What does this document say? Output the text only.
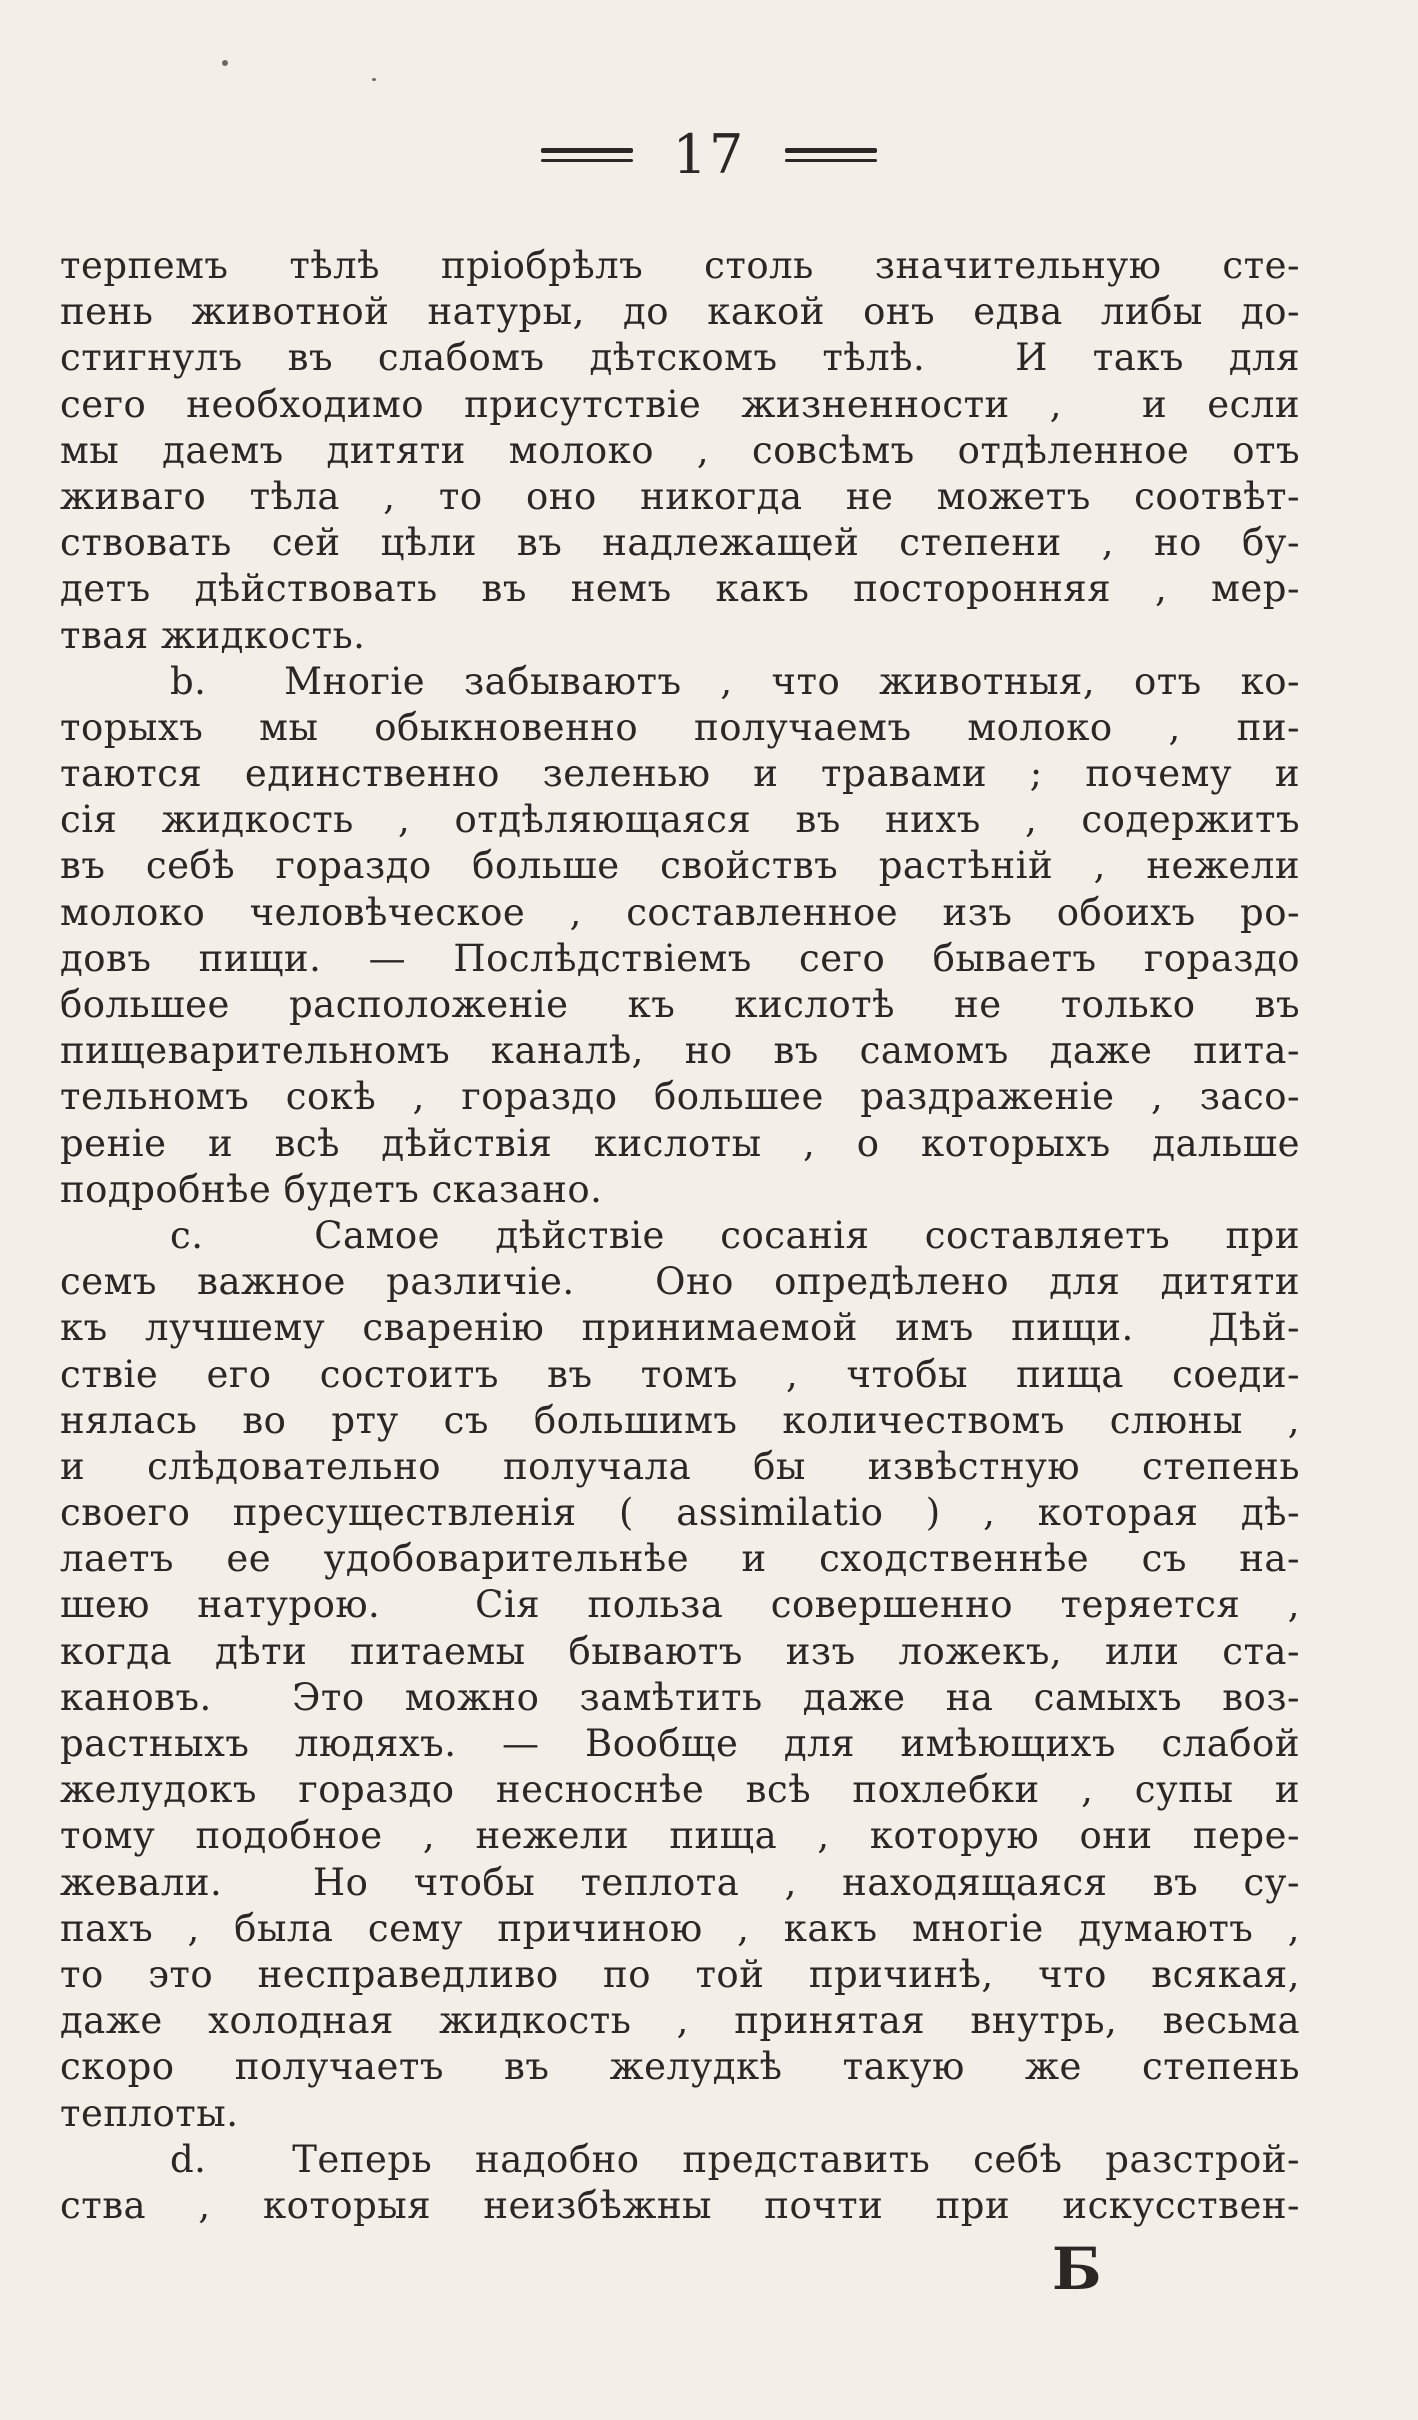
17
терпемъ тѣлѣ пріобрѣлъ столь значительную сте-
пень животной натуры, до какой онъ едва либы до-
стигнулъ въ слабомъ дѣтскомъ тѣлѣ.  И такъ для
сего необходимо присутствіе жизненности ,  и если
мы даемъ дитяти молоко , совсѣмъ отдѣленное отъ
живаго тѣла , то оно никогда не можетъ соотвѣт-
ствовать сей цѣли въ надлежащей степени , но бу-
детъ дѣйствовать въ немъ какъ посторонняя , мер-
твая жидкость.
b.  Многіе забываютъ , что животныя, отъ ко-
торыхъ мы обыкновенно получаемъ молоко , пи-
таются единственно зеленью и травами ; почему и
сія жидкость , отдѣляющаяся въ нихъ , содержитъ
въ себѣ гораздо больше свойствъ растѣній , нежели
молоко человѣческое , составленное изъ обоихъ ро-
довъ пищи. — Послѣдствіемъ сего бываетъ гораздо
большее расположеніе къ кислотѣ не только въ
пищеварительномъ каналѣ, но въ самомъ даже пита-
тельномъ сокѣ , гораздо большее раздраженіе , засо-
реніе и всѣ дѣйствія кислоты , о которыхъ дальше
подробнѣе будетъ сказано.
c.  Самое дѣйствіе сосанія составляетъ при
семъ важное различіе.  Оно опредѣлено для дитяти
къ лучшему сваренію принимаемой имъ пищи.  Дѣй-
ствіе его состоитъ въ томъ , чтобы пища соеди-
нялась во рту съ большимъ количествомъ слюны ,
и слѣдовательно получала бы извѣстную степень
своего пресуществленія ( assimilatio ) , которая дѣ-
лаетъ ее удобоварительнѣе и сходственнѣе съ на-
шею натурою.  Сія польза совершенно теряется ,
когда дѣти питаемы бываютъ изъ ложекъ, или ста-
кановъ.  Это можно замѣтить даже на самыхъ воз-
растныхъ людяхъ. — Вообще для имѣющихъ слабой
желудокъ гораздо несноснѣе всѣ похлебки , супы и
тому подобное , нежели пища , которую они пере-
жевали.  Но чтобы теплота , находящаяся въ су-
пахъ , была сему причиною , какъ многіе думаютъ ,
то это несправедливо по той причинѣ, что всякая,
даже холодная жидкость , принятая внутрь, весьма
скоро получаетъ въ желудкѣ такую же степень
теплоты.
d.  Теперь надобно представить себѣ разстрой-
ства , которыя неизбѣжны почти при искусствен-
Б
